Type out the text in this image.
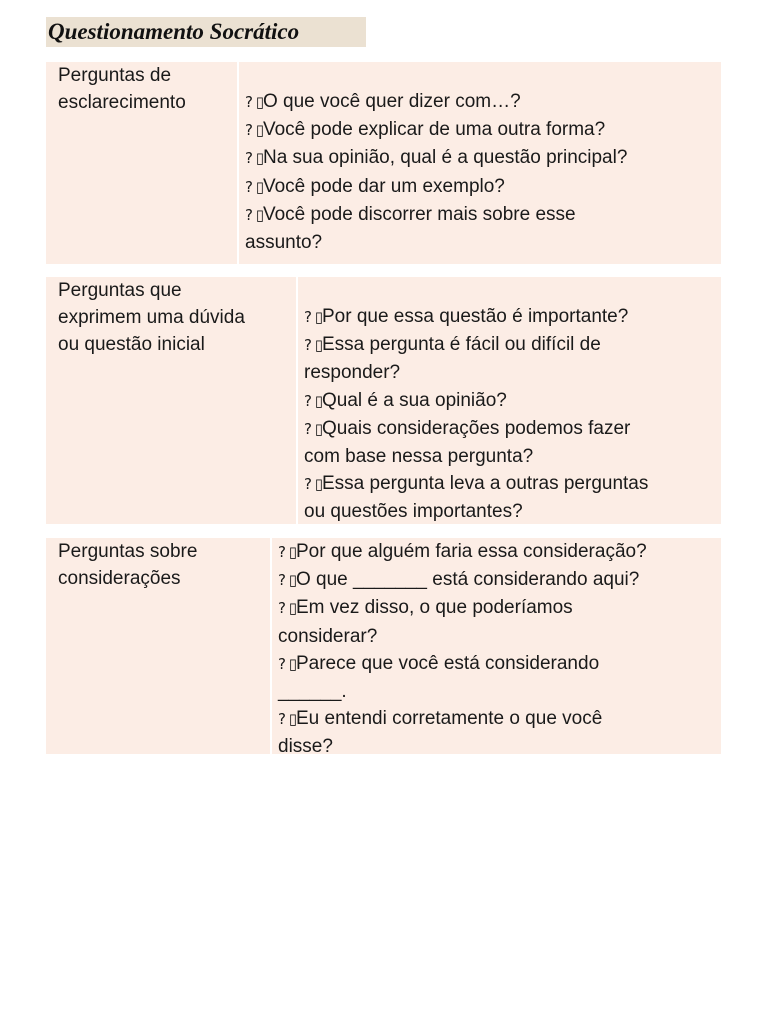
Questionamento Socrático
Perguntas de
esclarecimento	? ▯O que você quer dizer com…?
? ▯Você pode explicar de uma outra forma?
? ▯Na sua opinião, qual é a questão principal?
? ▯Você pode dar um exemplo?
? ▯Você pode discorrer mais sobre esse
assunto?
Perguntas que
exprimem uma dúvida
ou questão inicial
? ▯Por que essa questão é importante?
? ▯Essa pergunta é fácil ou difícil de
responder?
? ▯Qual é a sua opinião?
? ▯Quais considerações podemos fazer
com base nessa pergunta?
? ▯Essa pergunta leva a outras perguntas
ou questões importantes?
Perguntas sobre
considerações
? ▯Por que alguém faria essa consideração?
? ▯O que _______ está considerando aqui?
? ▯Em vez disso, o que poderíamos
considerar?
? ▯Parece que você está considerando
______.
? ▯Eu entendi corretamente o que você
disse?
